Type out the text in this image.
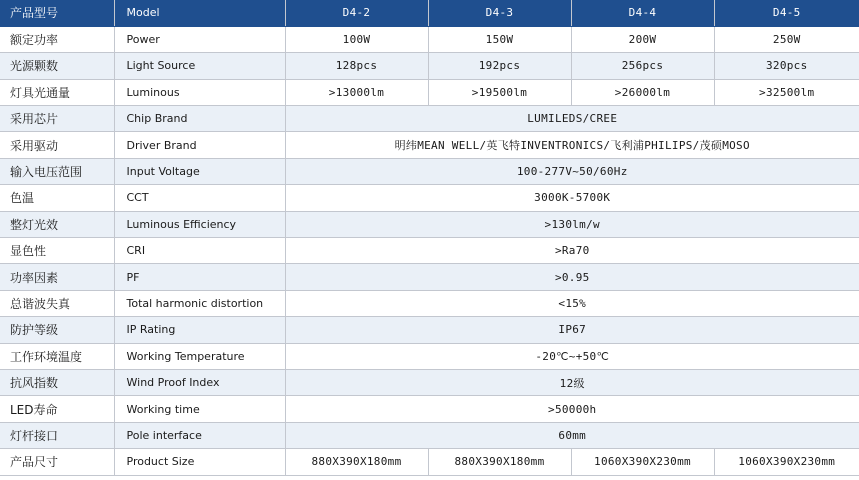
产品型号	Model	D4-2	D4-3	D4-4	D4-5
额定功率	Power	100W	150W	200W	250W
光源颗数	Light Source	128pcs	192pcs	256pcs	320pcs
灯具光通量	Luminous	>13000lm	>19500lm	>26000lm	>32500lm
采用芯片	Chip Brand	LUMILEDS/CREE			
采用驱动	Driver Brand	明纬MEAN WELL/英飞特INVENTRONICS/飞利浦PHILIPS/茂硕MOSO			
输入电压范围	Input Voltage	100-277V~50/60Hz			
色温	CCT	3000K-5700K			
整灯光效	Luminous Efficiency	>130lm/w			
显色性	CRI	>Ra70			
功率因素	PF	>0.95			
总谐波失真	Total harmonic distortion	<15%			
防护等级	IP Rating	IP67			
工作环境温度	Working Temperature	-20℃~+50℃			
抗风指数	Wind Proof Index	12级			
LED寿命	Working time	>50000h			
灯杆接口	Pole interface	60mm			
产品尺寸	Product Size	880X390X180mm	880X390X180mm	1060X390X230mm	1060X390X230mm
